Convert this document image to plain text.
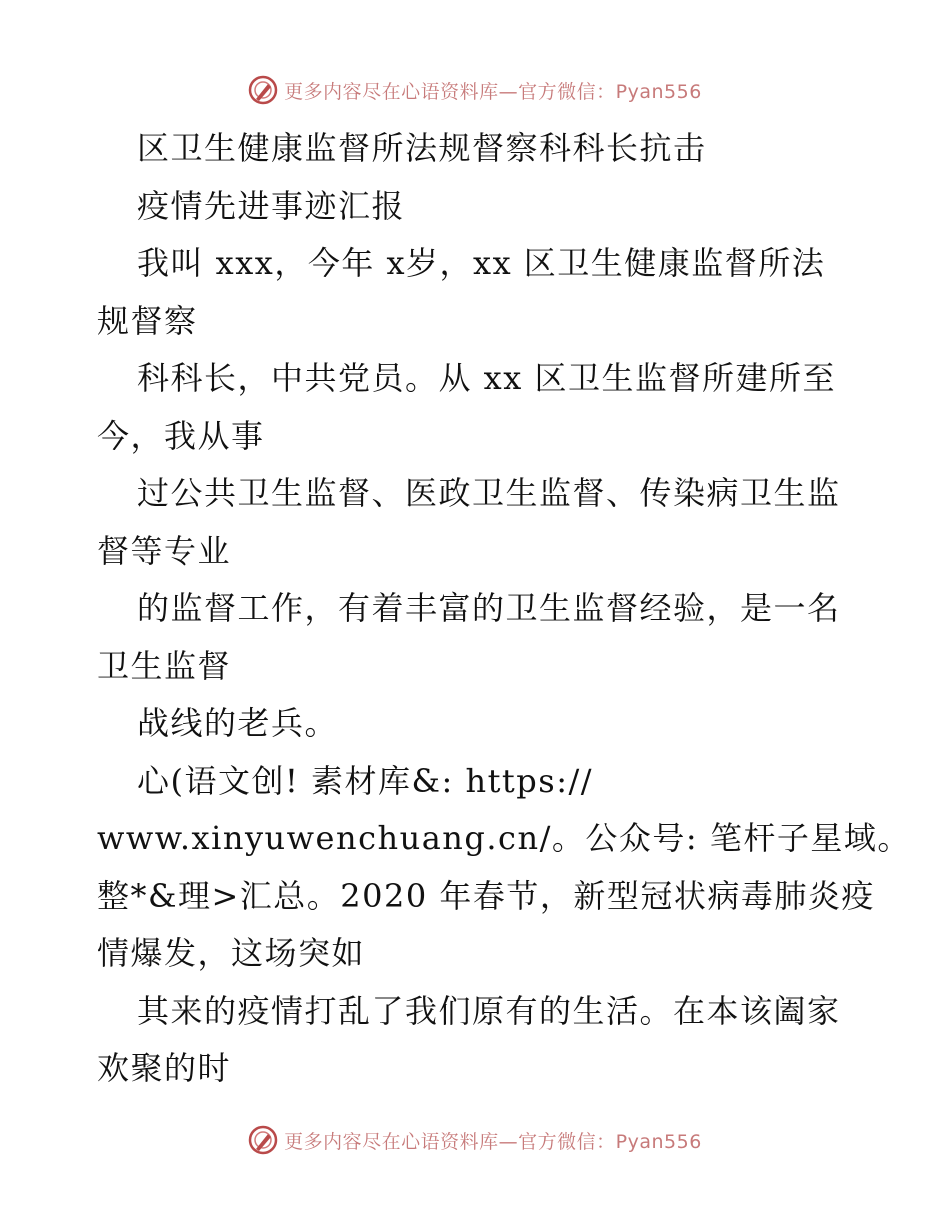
更多内容尽在心语资料库—官方微信：Pyan556
区卫生健康监督所法规督察科科长抗击
疫情先进事迹汇报
我叫 xxx，今年 x岁，xx 区卫生健康监督所法
规督察
科科长，中共党员。从 xx 区卫生监督所建所至
今，我从事
过公共卫生监督、医政卫生监督、传染病卫生监
督等专业
的监督工作，有着丰富的卫生监督经验，是一名
卫生监督
战线的老兵。
心(语文创! 素材库&: https://
www.xinyuwenchuang.cn/。公众号: 笔杆子星域。
整*&理>汇总。2020 年春节，新型冠状病毒肺炎疫
情爆发，这场突如
其来的疫情打乱了我们原有的生活。在本该阖家
欢聚的时
更多内容尽在心语资料库—官方微信：Pyan556
